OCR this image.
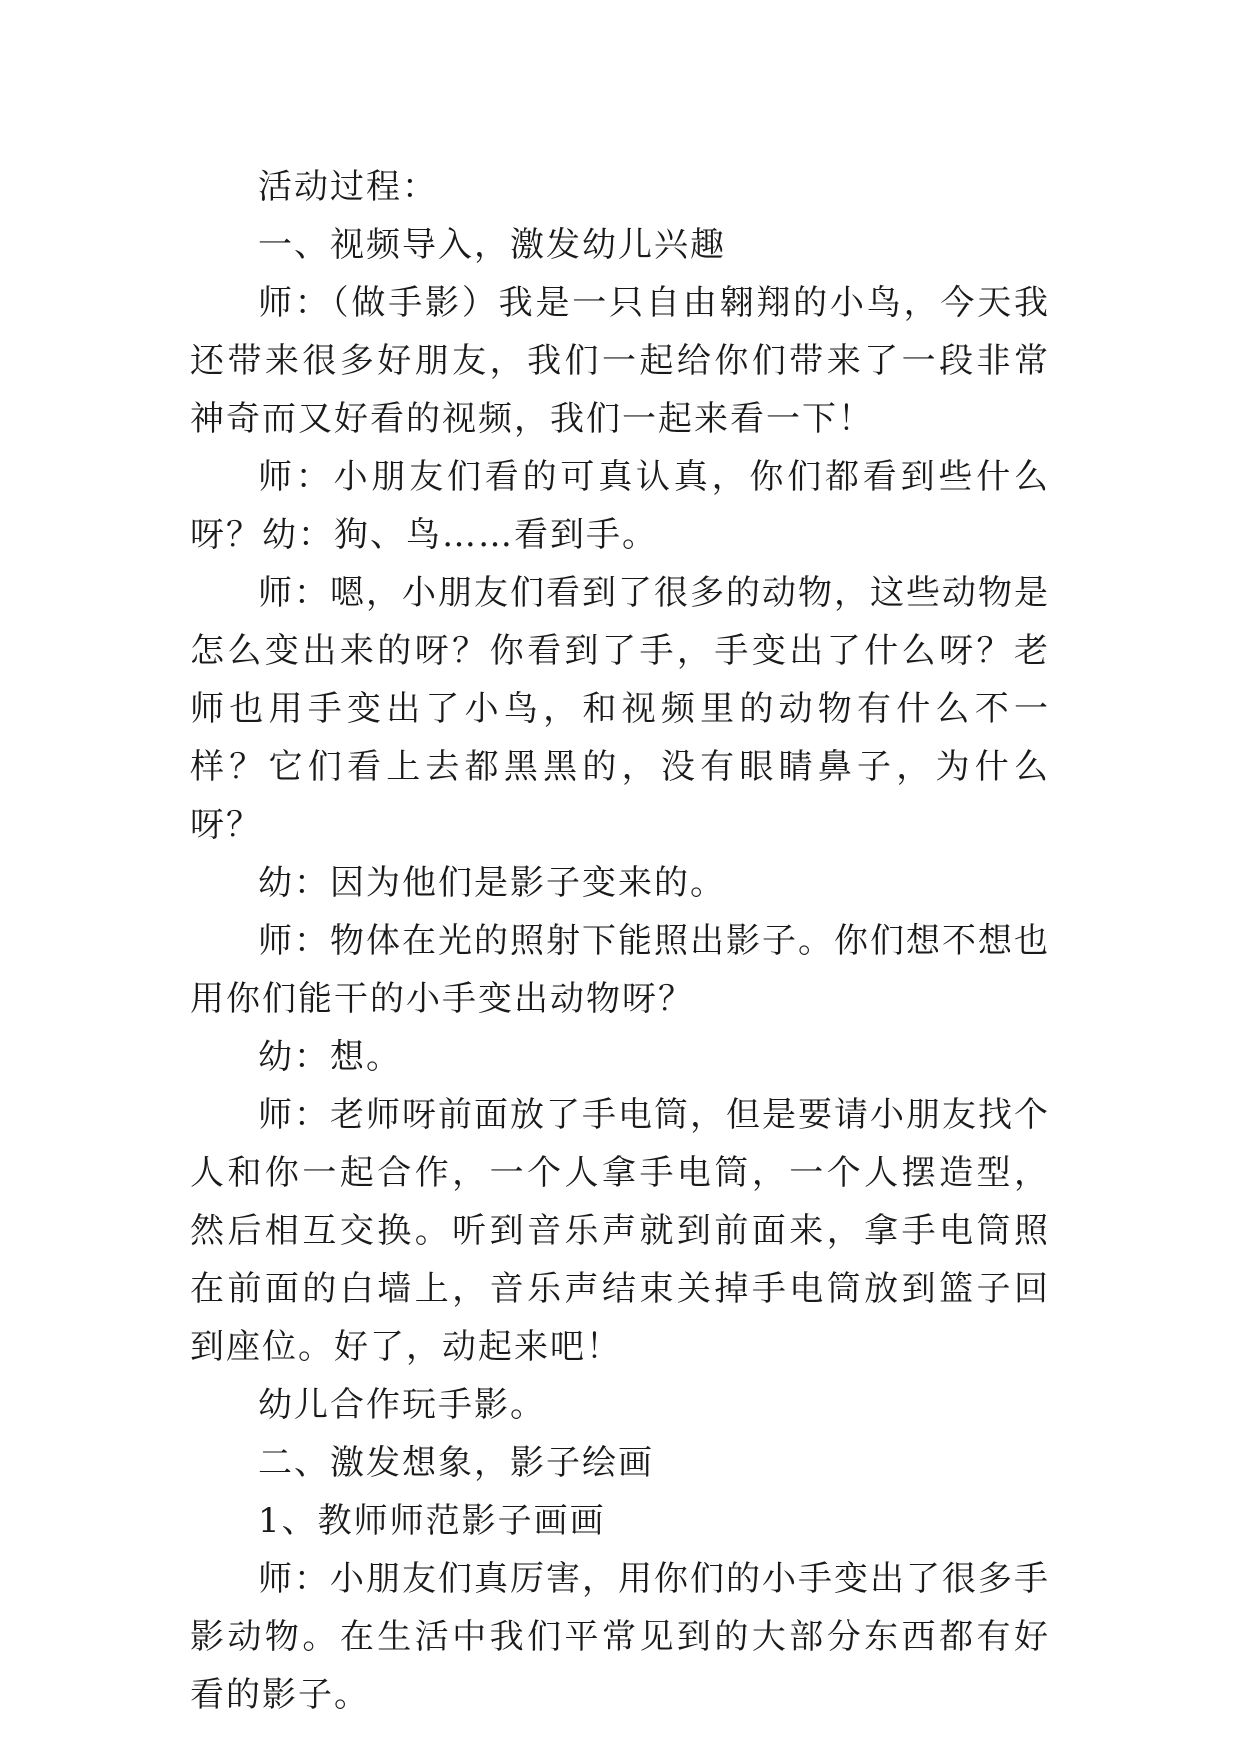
活动过程：

一、视频导入，激发幼儿兴趣

师：（做手影）我是一只自由翱翔的小鸟，今天我还带来很多好朋友，我们一起给你们带来了一段非常神奇而又好看的视频，我们一起来看一下！

师：小朋友们看的可真认真，你们都看到些什么呀？幼：狗、鸟……看到手。

师：嗯，小朋友们看到了很多的动物，这些动物是怎么变出来的呀？你看到了手，手变出了什么呀？老师也用手变出了小鸟，和视频里的动物有什么不一样？它们看上去都黑黑的，没有眼睛鼻子，为什么呀？

幼：因为他们是影子变来的。

师：物体在光的照射下能照出影子。你们想不想也用你们能干的小手变出动物呀？

幼：想。

师：老师呀前面放了手电筒，但是要请小朋友找个人和你一起合作，一个人拿手电筒，一个人摆造型，然后相互交换。听到音乐声就到前面来，拿手电筒照在前面的白墙上，音乐声结束关掉手电筒放到篮子回到座位。好了，动起来吧！

幼儿合作玩手影。

二、激发想象，影子绘画

1、教师师范影子画画

师：小朋友们真厉害，用你们的小手变出了很多手影动物。在生活中我们平常见到的大部分东西都有好看的影子。
